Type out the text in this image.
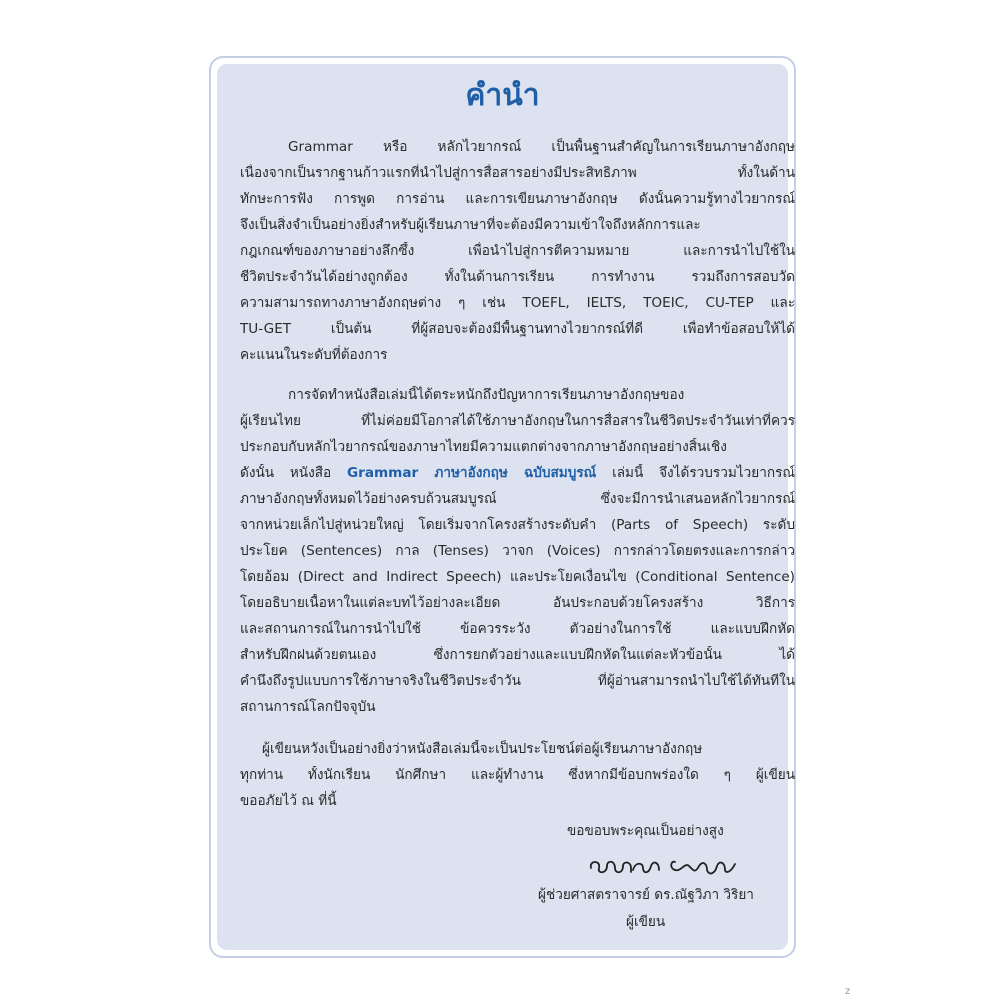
คำนำ

Grammar หรือ หลักไวยากรณ์ เป็นพื้นฐานสำคัญในการเรียนภาษาอังกฤษ

เนื่องจากเป็นรากฐานก้าวแรกที่นำไปสู่การสื่อสารอย่างมีประสิทธิภาพ ทั้งในด้าน

ทักษะการฟัง การพูด การอ่าน และการเขียนภาษาอังกฤษ ดังนั้นความรู้ทางไวยากรณ์

จึงเป็นสิ่งจำเป็นอย่างยิ่งสำหรับผู้เรียนภาษาที่จะต้องมีความเข้าใจถึงหลักการและ

กฎเกณฑ์ของภาษาอย่างลึกซึ้ง เพื่อนำไปสู่การตีความหมาย และการนำไปใช้ใน

ชีวิตประจำวันได้อย่างถูกต้อง ทั้งในด้านการเรียน การทำงาน รวมถึงการสอบวัด

ความสามารถทางภาษาอังกฤษต่าง ๆ เช่น TOEFL, IELTS, TOEIC, CU-TEP และ

TU-GET เป็นต้น ที่ผู้สอบจะต้องมีพื้นฐานทางไวยากรณ์ที่ดี เพื่อทำข้อสอบให้ได้

คะแนนในระดับที่ต้องการ

การจัดทำหนังสือเล่มนี้ได้ตระหนักถึงปัญหาการเรียนภาษาอังกฤษของ

ผู้เรียนไทย ที่ไม่ค่อยมีโอกาสได้ใช้ภาษาอังกฤษในการสื่อสารในชีวิตประจำวันเท่าที่ควร

ประกอบกับหลักไวยากรณ์ของภาษาไทยมีความแตกต่างจากภาษาอังกฤษอย่างสิ้นเชิง

ดังนั้น หนังสือ Grammar ภาษาอังกฤษ ฉบับสมบูรณ์ เล่มนี้ จึงได้รวบรวมไวยากรณ์

ภาษาอังกฤษทั้งหมดไว้อย่างครบถ้วนสมบูรณ์ ซึ่งจะมีการนำเสนอหลักไวยากรณ์

จากหน่วยเล็กไปสู่หน่วยใหญ่ โดยเริ่มจากโครงสร้างระดับคำ (Parts of Speech) ระดับ

ประโยค (Sentences) กาล (Tenses) วาจก (Voices) การกล่าวโดยตรงและการกล่าว

โดยอ้อม (Direct and Indirect Speech) และประโยคเงื่อนไข (Conditional Sentence)

โดยอธิบายเนื้อหาในแต่ละบทไว้อย่างละเอียด อันประกอบด้วยโครงสร้าง วิธีการ

และสถานการณ์ในการนำไปใช้ ข้อควรระวัง ตัวอย่างในการใช้ และแบบฝึกหัด

สำหรับฝึกฝนด้วยตนเอง ซึ่งการยกตัวอย่างและแบบฝึกหัดในแต่ละหัวข้อนั้น ได้

คำนึงถึงรูปแบบการใช้ภาษาจริงในชีวิตประจำวัน ที่ผู้อ่านสามารถนำไปใช้ได้ทันทีใน

สถานการณ์โลกปัจจุบัน

ผู้เขียนหวังเป็นอย่างยิ่งว่าหนังสือเล่มนี้จะเป็นประโยชน์ต่อผู้เรียนภาษาอังกฤษ

ทุกท่าน ทั้งนักเรียน นักศึกษา และผู้ทำงาน ซึ่งหากมีข้อบกพร่องใด ๆ ผู้เขียน

ขออภัยไว้ ณ ที่นี้

ขอขอบพระคุณเป็นอย่างสูง

ผู้ช่วยศาสตราจารย์ ดร.ณัฐวิภา วิริยา

ผู้เขียน

z
